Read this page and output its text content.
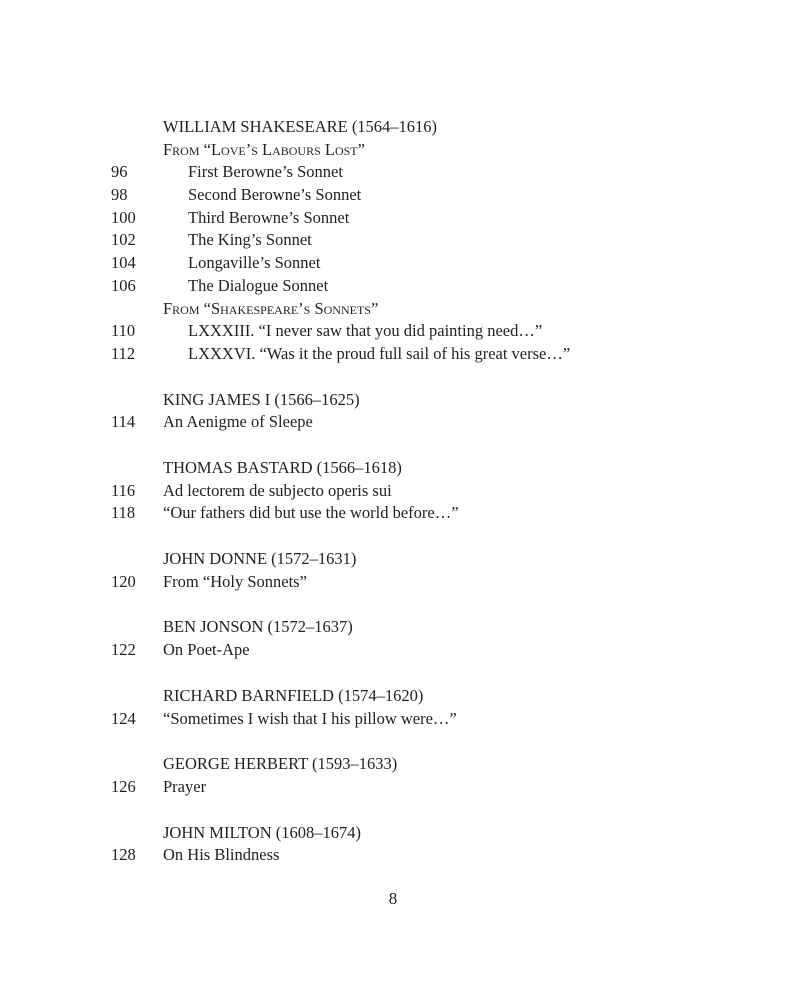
WILLIAM SHAKESEARE (1564–1616)
From “Love’s Labours Lost”
96	First Berowne’s Sonnet
98	Second Berowne’s Sonnet
100	Third Berowne’s Sonnet
102	The King’s Sonnet
104	Longaville’s Sonnet
106	The Dialogue Sonnet
From “Shakespeare’s Sonnets”
110	LXXXIII. “I never saw that you did painting need…”
112	LXXXVI. “Was it the proud full sail of his great verse…”
KING JAMES I (1566–1625)
114 An Aenigme of Sleepe
THOMAS BASTARD (1566–1618)
116 Ad lectorem de subjecto operis sui
118 “Our fathers did but use the world before…”
JOHN DONNE (1572–1631)
120 From “Holy Sonnets”
BEN JONSON (1572–1637)
122 On Poet-Ape
RICHARD BARNFIELD (1574–1620)
124 “Sometimes I wish that I his pillow were…”
GEORGE HERBERT (1593–1633)
126 Prayer
JOHN MILTON (1608–1674)
128 On His Blindness
8
